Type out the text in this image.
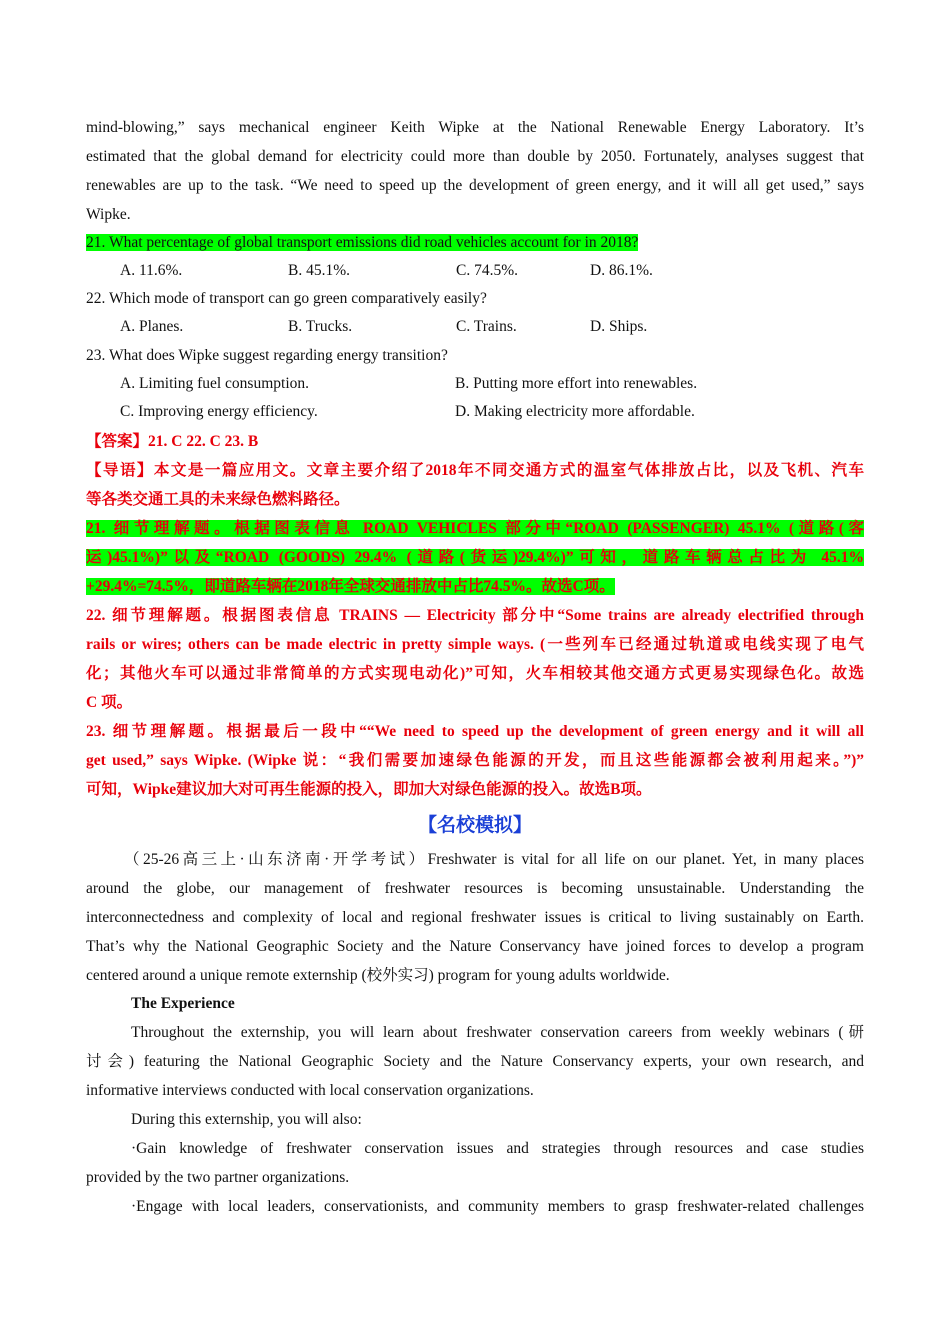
mind-blowing,” says mechanical engineer Keith Wipke at the National Renewable Energy Laboratory. It’s

estimated that the global demand for electricity could more than double by 2050. Fortunately, analyses suggest that

renewables are up to the task. “We need to speed up the development of green energy, and it will all get used,” says

Wipke.

21. What percentage of global transport emissions did road vehicles account for in 2018?

A. 11.6%.	B. 45.1%.	C. 74.5%.	D. 86.1%.

22. Which mode of transport can go green comparatively easily?

A. Planes.	B. Trucks.	C. Trains.	D. Ships.

23. What does Wipke suggest regarding energy transition?

A. Limiting fuel consumption.	B. Putting more effort into renewables.
C. Improving energy efficiency.	D. Making electricity more affordable.

【答案】21. C 22. C 23. B

【导语】本文是一篇应用文。文章主要介绍了2018年不同交通方式的温室气体排放占比，以及飞机、汽车

等各类交通工具的未来绿色燃料路径。

21. 细节理解题。根据图表信息 ROAD VEHICLES 部分中“ROAD (PASSENGER) 45.1% (道路(客

运)45.1%)”以及“ROAD (GOODS) 29.4% (道路(货运)29.4%)”可知，道路车辆总占比为 45.1%

+29.4%=74.5%，即道路车辆在2018年全球交通排放中占比74.5%。故选C项。

22. 细节理解题。根据图表信息 TRAINS — Electricity 部分中“Some trains are already electrified through

rails or wires; others can be made electric in pretty simple ways. (一些列车已经通过轨道或电线实现了电气

化；其他火车可以通过非常简单的方式实现电动化)”可知，火车相较其他交通方式更易实现绿色化。故选

C 项。

23. 细节理解题。根据最后一段中““We need to speed up the development of green energy and it will all

get used,” says Wipke. (Wipke 说：“我们需要加速绿色能源的开发，而且这些能源都会被利用起来。”)”

可知，Wipke建议加大对可再生能源的投入，即加大对绿色能源的投入。故选B项。

【名校模拟】

（25-26高三上·山东济南·开学考试）Freshwater is vital for all life on our planet. Yet, in many places

around the globe, our management of freshwater resources is becoming unsustainable. Understanding the

interconnectedness and complexity of local and regional freshwater issues is critical to living sustainably on Earth.

That’s why the National Geographic Society and the Nature Conservancy have joined forces to develop a program

centered around a unique remote externship (校外实习) program for young adults worldwide.

The Experience

Throughout the externship, you will learn about freshwater conservation careers from weekly webinars (研

讨会) featuring the National Geographic Society and the Nature Conservancy experts, your own research, and

informative interviews conducted with local conservation organizations.

During this externship, you will also:

·Gain knowledge of freshwater conservation issues and strategies through resources and case studies

provided by the two partner organizations.

·Engage with local leaders, conservationists, and community members to grasp freshwater-related challenges
